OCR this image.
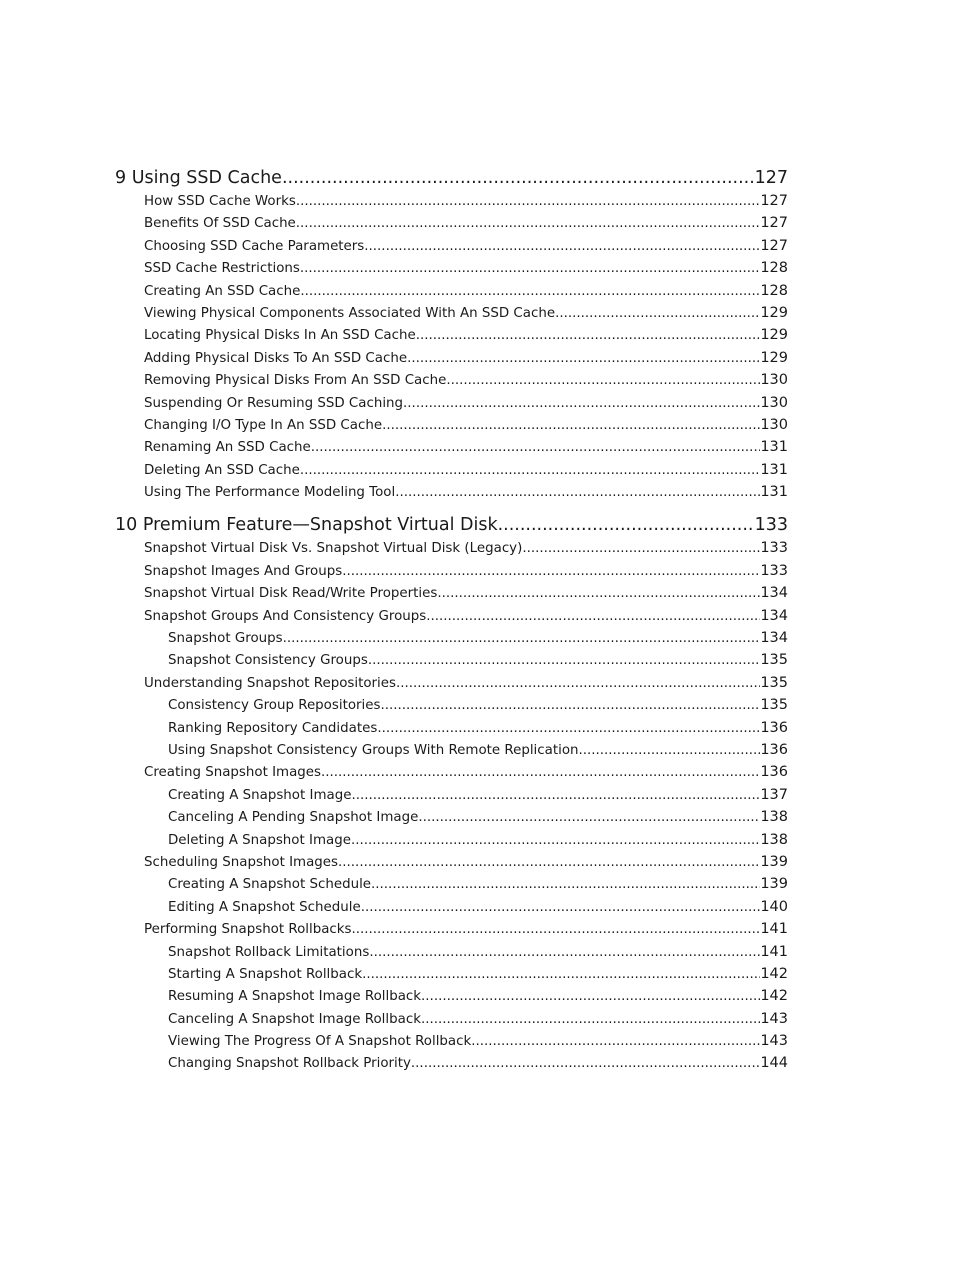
9 Using SSD Cache .....	127
How SSD Cache Works .....	127
Benefits Of SSD Cache .....	127
Choosing SSD Cache Parameters .....	127
SSD Cache Restrictions .....	128
Creating An SSD Cache .....	128
Viewing Physical Components Associated With An SSD Cache .....	129
Locating Physical Disks In An SSD Cache .....	129
Adding Physical Disks To An SSD Cache .....	129
Removing Physical Disks From An SSD Cache .....	130
Suspending Or Resuming SSD Caching .....	130
Changing I/O Type In An SSD Cache .....	130
Renaming An SSD Cache .....	131
Deleting An SSD Cache .....	131
Using The Performance Modeling Tool .....	131
10 Premium Feature—Snapshot Virtual Disk .....	133
Snapshot Virtual Disk Vs. Snapshot Virtual Disk (Legacy) .....	133
Snapshot Images And Groups .....	133
Snapshot Virtual Disk Read/Write Properties .....	134
Snapshot Groups And Consistency Groups .....	134
Snapshot Groups .....	134
Snapshot Consistency Groups .....	135
Understanding Snapshot Repositories .....	135
Consistency Group Repositories .....	135
Ranking Repository Candidates .....	136
Using Snapshot Consistency Groups With Remote Replication .....	136
Creating Snapshot Images .....	136
Creating A Snapshot Image .....	137
Canceling A Pending Snapshot Image .....	138
Deleting A Snapshot Image .....	138
Scheduling Snapshot Images .....	139
Creating A Snapshot Schedule .....	139
Editing A Snapshot Schedule .....	140
Performing Snapshot Rollbacks .....	141
Snapshot Rollback Limitations .....	141
Starting A Snapshot Rollback .....	142
Resuming A Snapshot Image Rollback .....	142
Canceling A Snapshot Image Rollback .....	143
Viewing The Progress Of A Snapshot Rollback .....	143
Changing Snapshot Rollback Priority .....	144
